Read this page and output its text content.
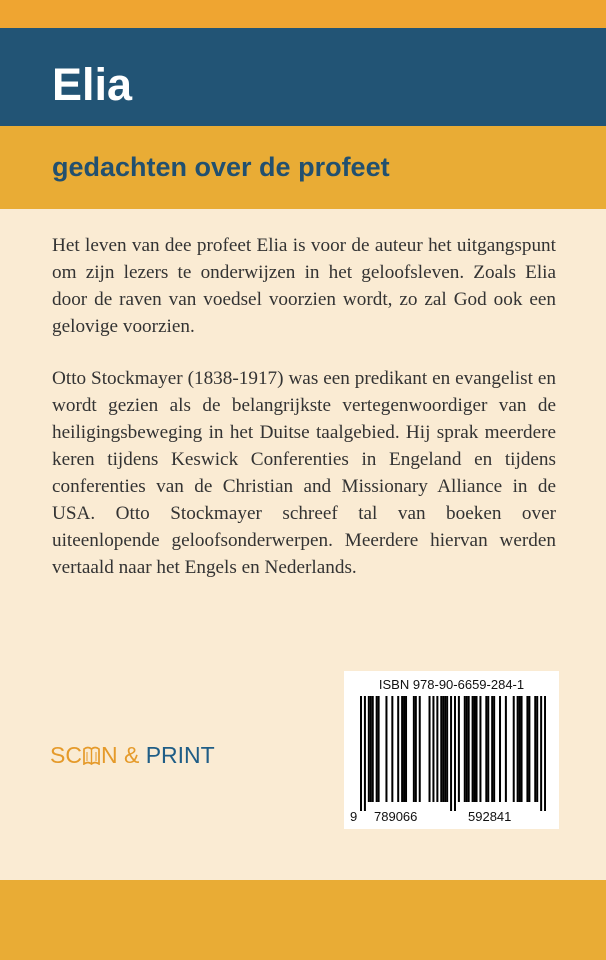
Elia
gedachten over de profeet

Het leven van dee profeet Elia is voor de auteur het uitgangspunt om zijn lezers te onderwijzen in het geloofsleven. Zoals Elia door de raven van voedsel voorzien wordt, zo zal God ook een gelovige voorzien.

Otto Stockmayer (1838-1917) was een predikant en evangelist en wordt gezien als de belangrijkste vertegenwoordiger van de heiligingsbeweging in het Duitse taalgebied. Hij sprak meerdere keren tijdens Keswick Conferenties in Engeland en tijdens conferenties van de Christian and Missionary Alliance in de USA. Otto Stockmayer schreef tal van boeken over uiteenlopende geloofsonderwerpen. Meerdere hiervan werden vertaald naar het Engels en Nederlands.

SC N & PRINT
ISBN 978-90-6659-284-1
9 789066	592841
